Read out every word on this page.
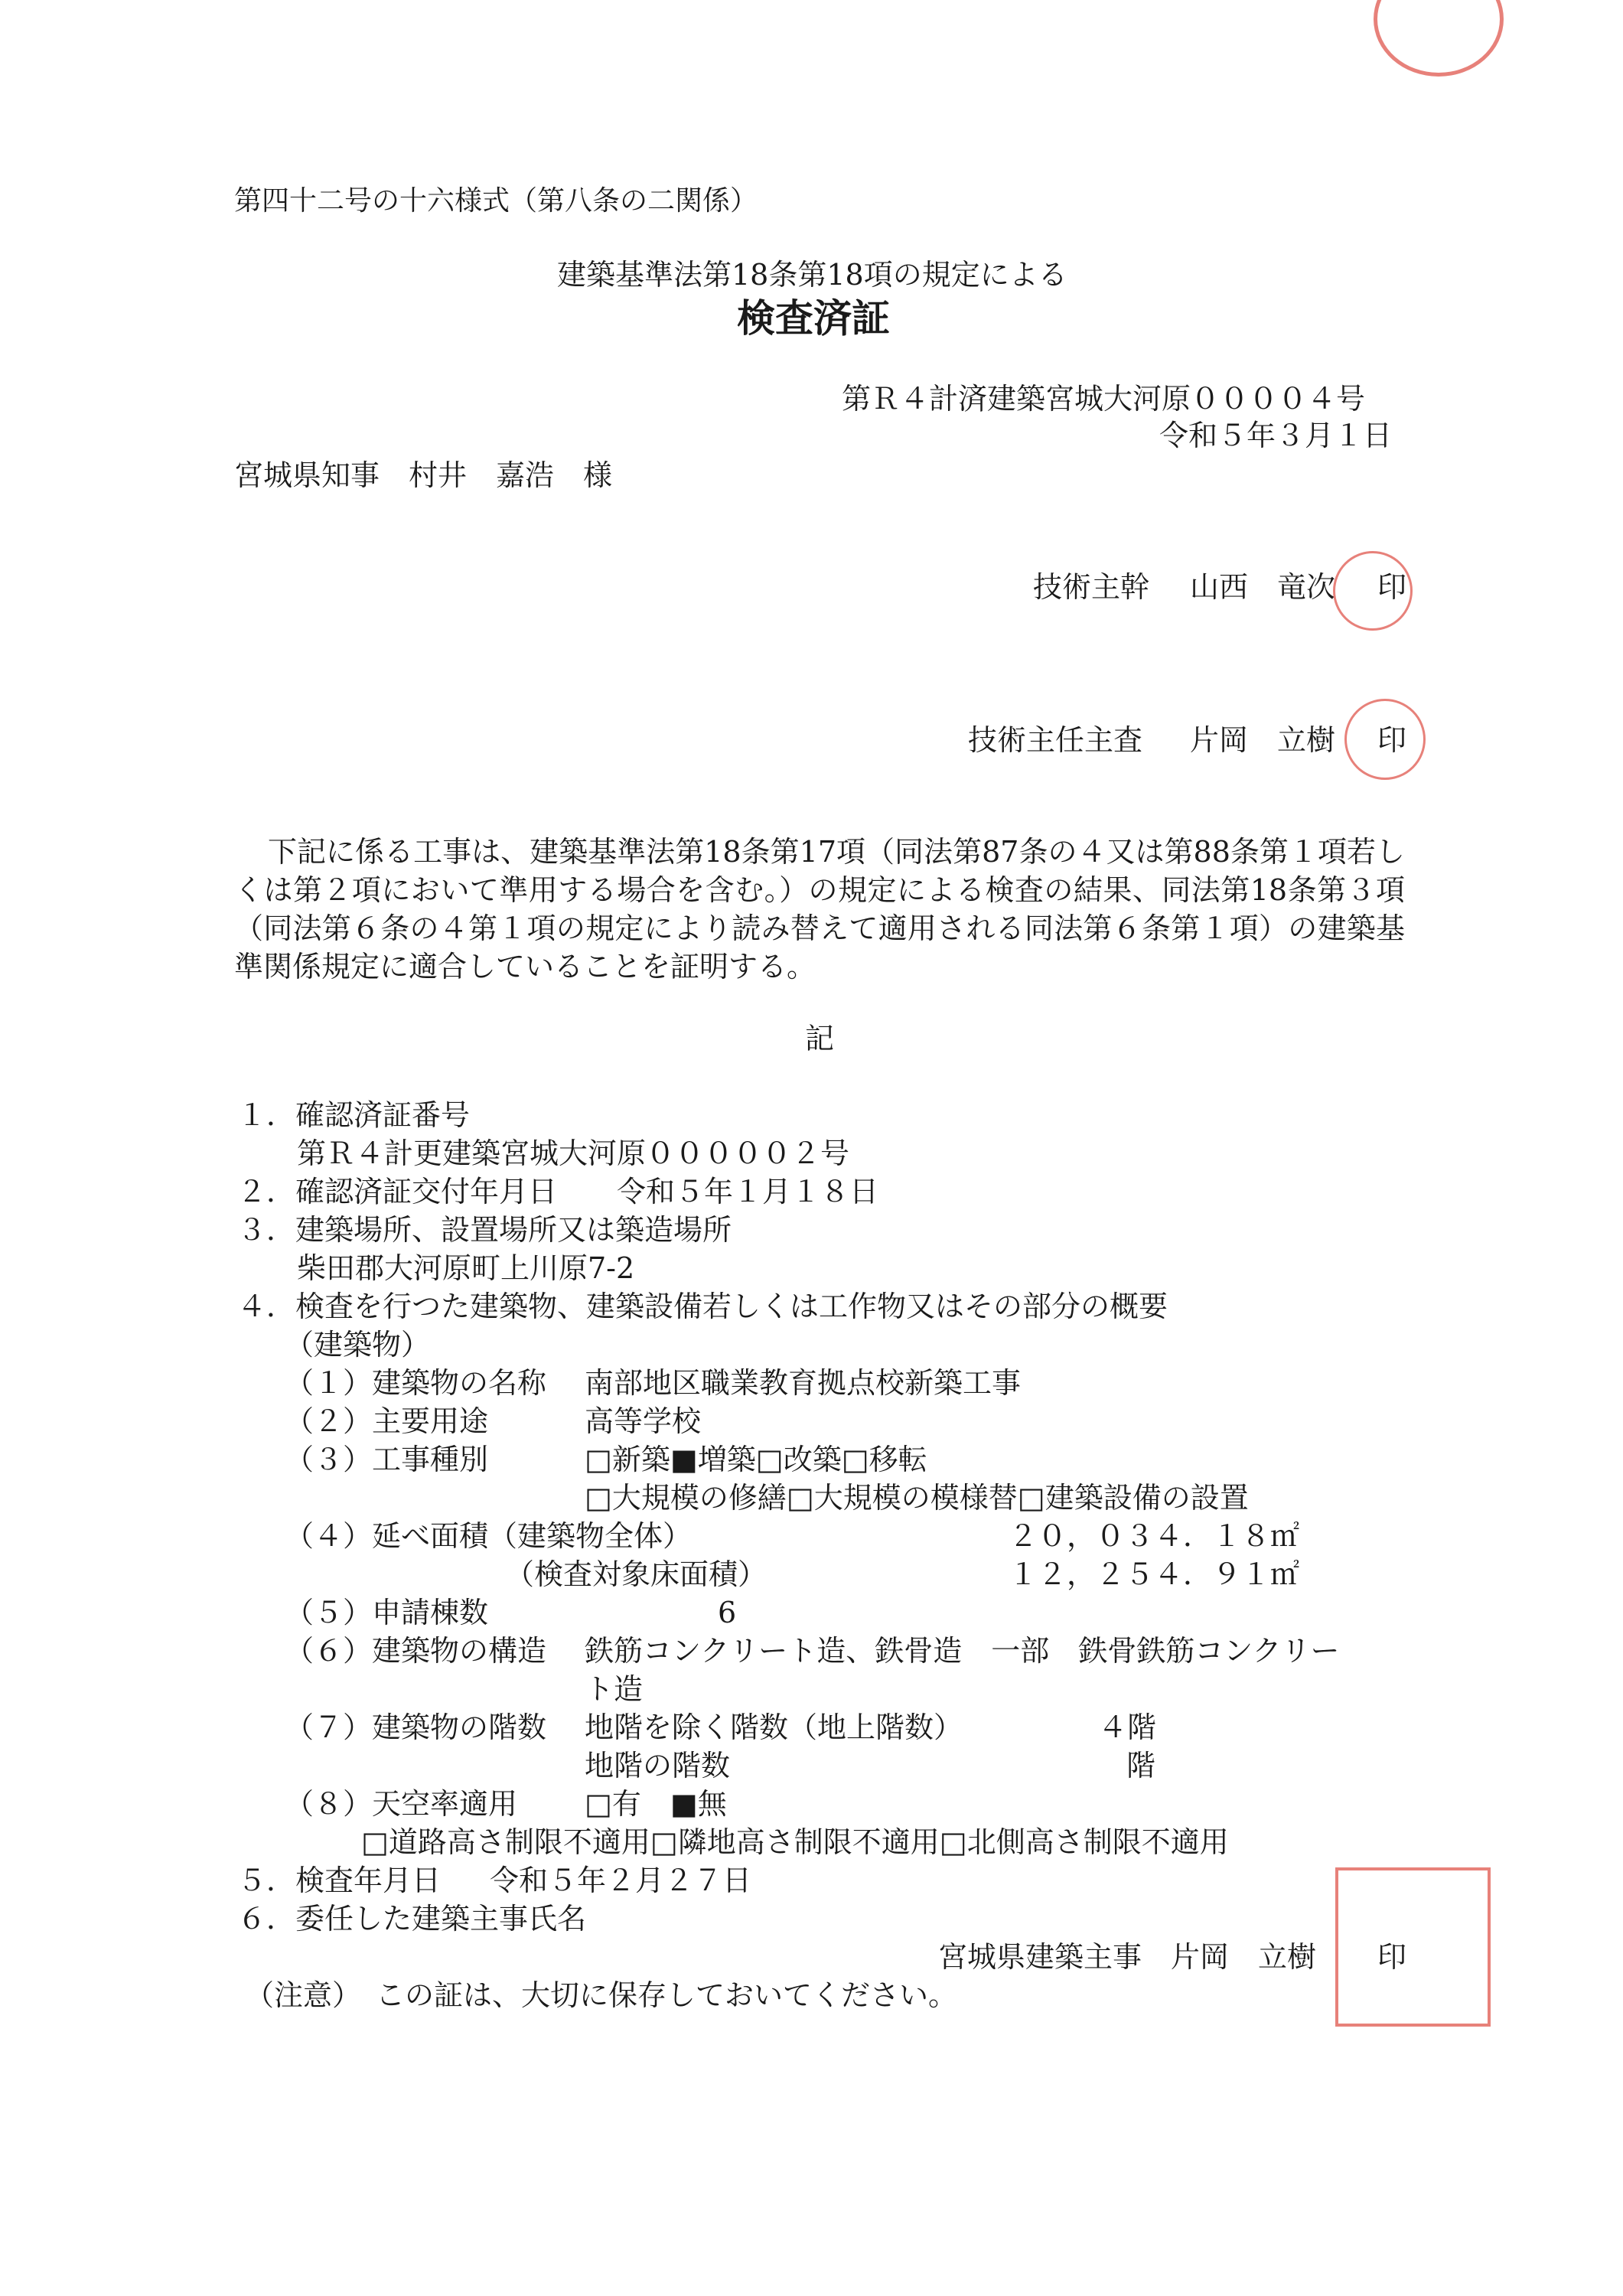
第四十二号の十六様式（第八条の二関係）
建築基準法第18条第18項の規定による
検査済証
第Ｒ４計済建築宮城大河原００００４号
令和５年３月１日
宮城県知事　村井　嘉浩　様
技術主幹 山西　竜次 印
技術主任主査 片岡　立樹 印
下記に係る工事は、建築基準法第18条第17項（同法第87条の４又は第88条第１項若しくは第２項において準用する場合を含む。）の規定による検査の結果、同法第18条第３項（同法第６条の４第１項の規定により読み替えて適用される同法第６条第１項）の建築基準関係規定に適合していることを証明する。
記
１．確認済証番号
第Ｒ４計更建築宮城大河原０００００２号
２．確認済証交付年月日 令和５年１月１８日
３．建築場所、設置場所又は築造場所
柴田郡大河原町上川原7-2
４．検査を行つた建築物、建築設備若しくは工作物又はその部分の概要
（建築物）
（１）建築物の名称 南部地区職業教育拠点校新築工事
（２）主要用途	高等学校
（３）工事種別	□新築■増築□改築□移転
□大規模の修繕□大規模の模様替□建築設備の設置
（４）延べ面積（建築物全体）	２０，０３４．１８㎡
（検査対象床面積）	１２，２５４．９１㎡
（５）申請棟数	6
（６）建築物の構造 鉄筋コンクリート造、鉄骨造　一部　鉄骨鉄筋コンクリー
ト造
（７）建築物の階数 地階を除く階数（地上階数）	４階
地階の階数	階
（８）天空率適用 □有　■無
□道路高さ制限不適用□隣地高さ制限不適用□北側高さ制限不適用
５．検査年月日 令和５年２月２７日
６．委任した建築主事氏名
宮城県建築主事　片岡　立樹 印
（注意）　この証は、大切に保存しておいてください。
